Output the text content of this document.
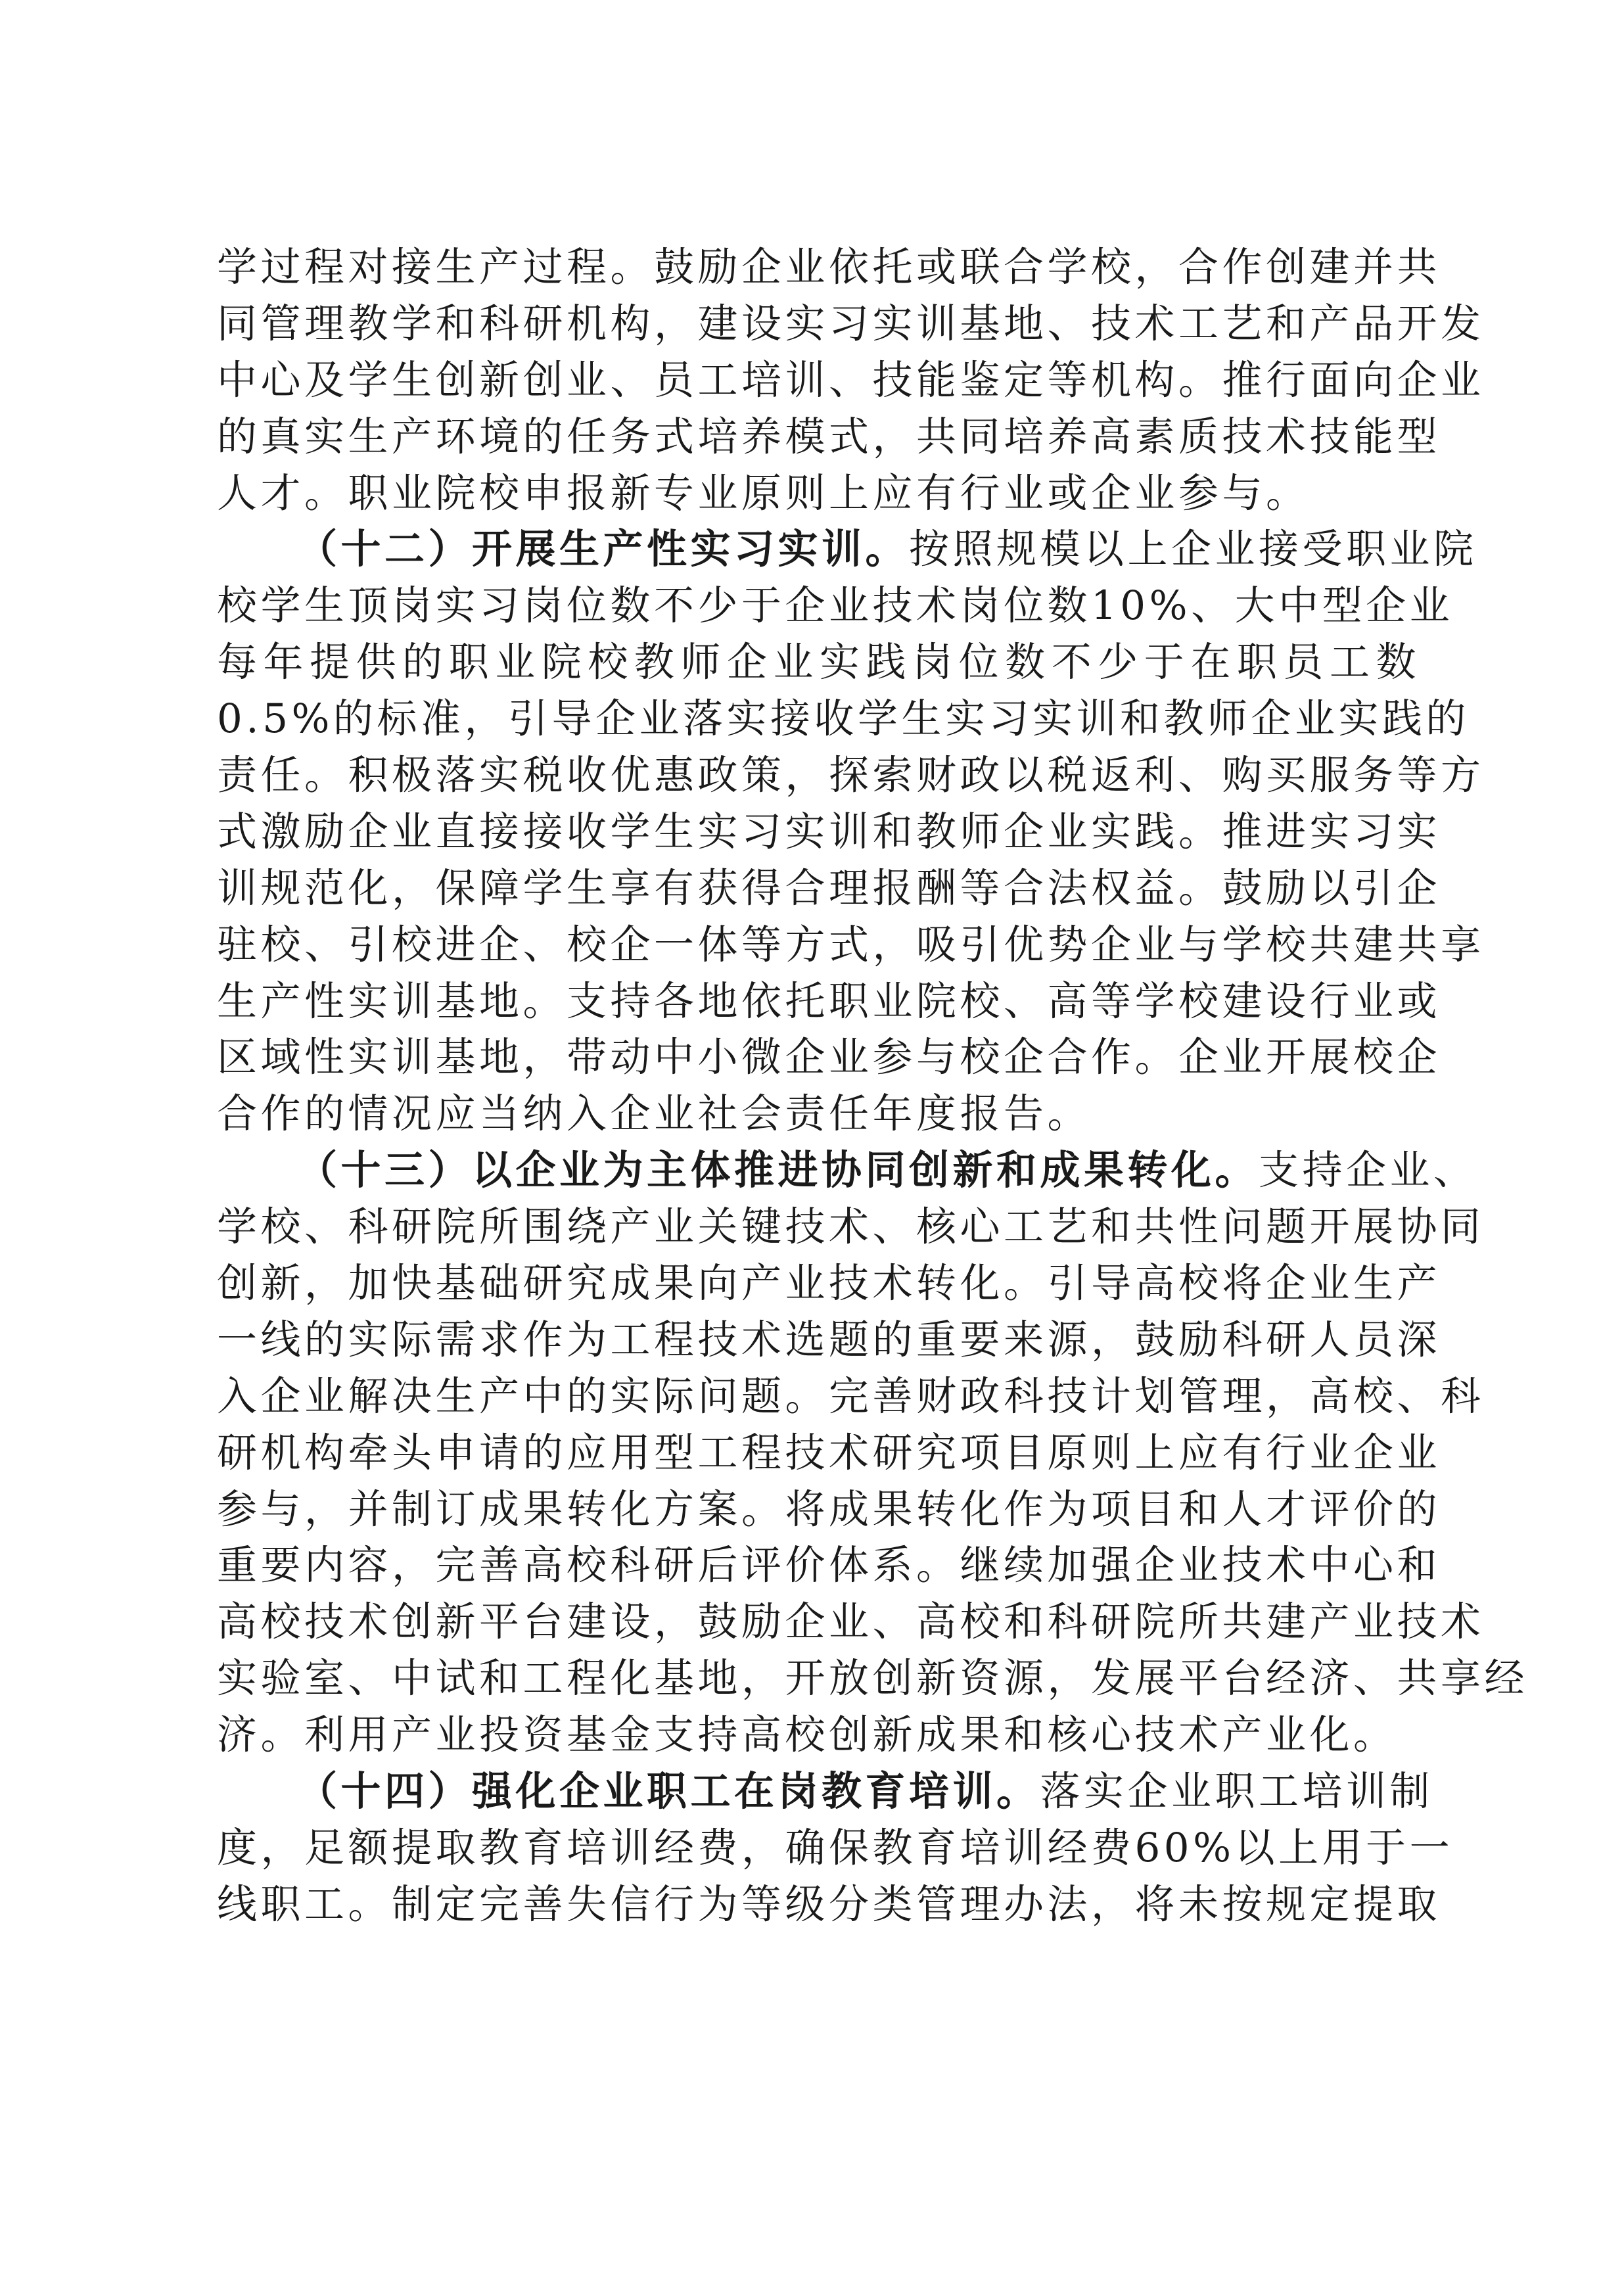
学过程对接生产过程。鼓励企业依托或联合学校，合作创建并共
同管理教学和科研机构，建设实习实训基地、技术工艺和产品开发
中心及学生创新创业、员工培训、技能鉴定等机构。推行面向企业
的真实生产环境的任务式培养模式，共同培养高素质技术技能型
人才。职业院校申报新专业原则上应有行业或企业参与。
（十二）开展生产性实习实训。按照规模以上企业接受职业院
校学生顶岗实习岗位数不少于企业技术岗位数10%、大中型企业
每年提供的职业院校教师企业实践岗位数不少于在职员工数
0.5%的标准，引导企业落实接收学生实习实训和教师企业实践的
责任。积极落实税收优惠政策，探索财政以税返利、购买服务等方
式激励企业直接接收学生实习实训和教师企业实践。推进实习实
训规范化，保障学生享有获得合理报酬等合法权益。鼓励以引企
驻校、引校进企、校企一体等方式，吸引优势企业与学校共建共享
生产性实训基地。支持各地依托职业院校、高等学校建设行业或
区域性实训基地，带动中小微企业参与校企合作。企业开展校企
合作的情况应当纳入企业社会责任年度报告。
（十三）以企业为主体推进协同创新和成果转化。支持企业、
学校、科研院所围绕产业关键技术、核心工艺和共性问题开展协同
创新，加快基础研究成果向产业技术转化。引导高校将企业生产
一线的实际需求作为工程技术选题的重要来源，鼓励科研人员深
入企业解决生产中的实际问题。完善财政科技计划管理，高校、科
研机构牵头申请的应用型工程技术研究项目原则上应有行业企业
参与，并制订成果转化方案。将成果转化作为项目和人才评价的
重要内容，完善高校科研后评价体系。继续加强企业技术中心和
高校技术创新平台建设，鼓励企业、高校和科研院所共建产业技术
实验室、中试和工程化基地，开放创新资源，发展平台经济、共享经
济。利用产业投资基金支持高校创新成果和核心技术产业化。
（十四）强化企业职工在岗教育培训。落实企业职工培训制
度，足额提取教育培训经费，确保教育培训经费60%以上用于一
线职工。制定完善失信行为等级分类管理办法，将未按规定提取
